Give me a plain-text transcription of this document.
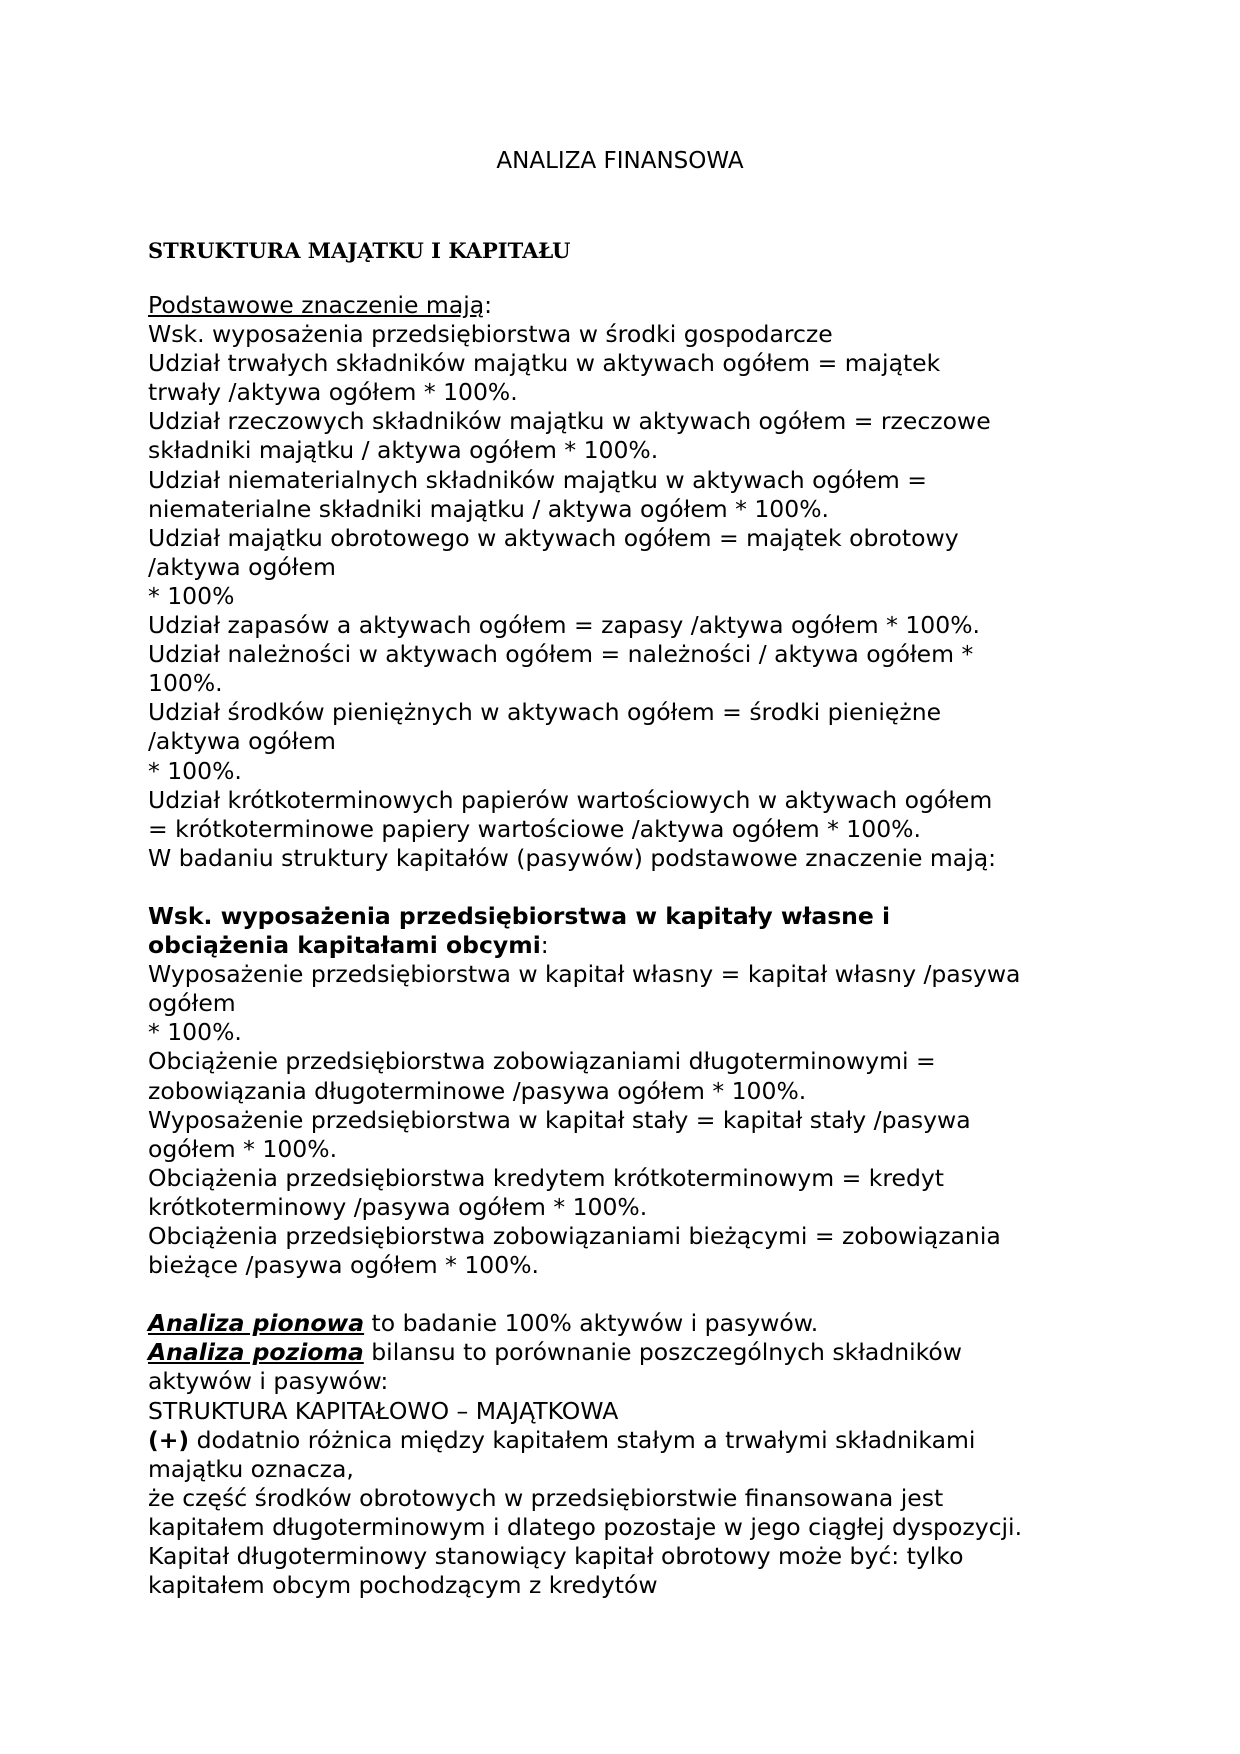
ANALIZA FINANSOWA
STRUKTURA MAJĄTKU I KAPITAŁU
Podstawowe znaczenie mają:
Wsk. wyposażenia przedsiębiorstwa w środki gospodarcze
Udział trwałych składników majątku w aktywach ogółem = majątek
trwały /aktywa ogółem * 100%.
Udział rzeczowych składników majątku w aktywach ogółem = rzeczowe
składniki majątku / aktywa ogółem * 100%.
Udział niematerialnych składników majątku w aktywach ogółem =
niematerialne składniki majątku / aktywa ogółem * 100%.
Udział majątku obrotowego w aktywach ogółem = majątek obrotowy
/aktywa ogółem
* 100%
Udział zapasów a aktywach ogółem = zapasy /aktywa ogółem * 100%.
Udział należności w aktywach ogółem = należności / aktywa ogółem *
100%.
Udział środków pieniężnych w aktywach ogółem = środki pieniężne
/aktywa ogółem
* 100%.
Udział krótkoterminowych papierów wartościowych w aktywach ogółem
= krótkoterminowe papiery wartościowe /aktywa ogółem * 100%.
W badaniu struktury kapitałów (pasywów) podstawowe znaczenie mają:
Wsk. wyposażenia przedsiębiorstwa w kapitały własne i
obciążenia kapitałami obcymi:
Wyposażenie przedsiębiorstwa w kapitał własny = kapitał własny /pasywa
ogółem
* 100%.
Obciążenie przedsiębiorstwa zobowiązaniami długoterminowymi =
zobowiązania długoterminowe /pasywa ogółem * 100%.
Wyposażenie przedsiębiorstwa w kapitał stały = kapitał stały /pasywa
ogółem * 100%.
Obciążenia przedsiębiorstwa kredytem krótkoterminowym = kredyt
krótkoterminowy /pasywa ogółem * 100%.
Obciążenia przedsiębiorstwa zobowiązaniami bieżącymi = zobowiązania
bieżące /pasywa ogółem * 100%.
Analiza pionowa to badanie 100% aktywów i pasywów.
Analiza pozioma bilansu to porównanie poszczególnych składników
aktywów i pasywów:
STRUKTURA KAPITAŁOWO – MAJĄTKOWA
(+) dodatnio różnica między kapitałem stałym a trwałymi składnikami
majątku oznacza,
że część środków obrotowych w przedsiębiorstwie finansowana jest
kapitałem długoterminowym i dlatego pozostaje w jego ciągłej dyspozycji.
Kapitał długoterminowy stanowiący kapitał obrotowy może być: tylko
kapitałem obcym pochodzącym z kredytów
